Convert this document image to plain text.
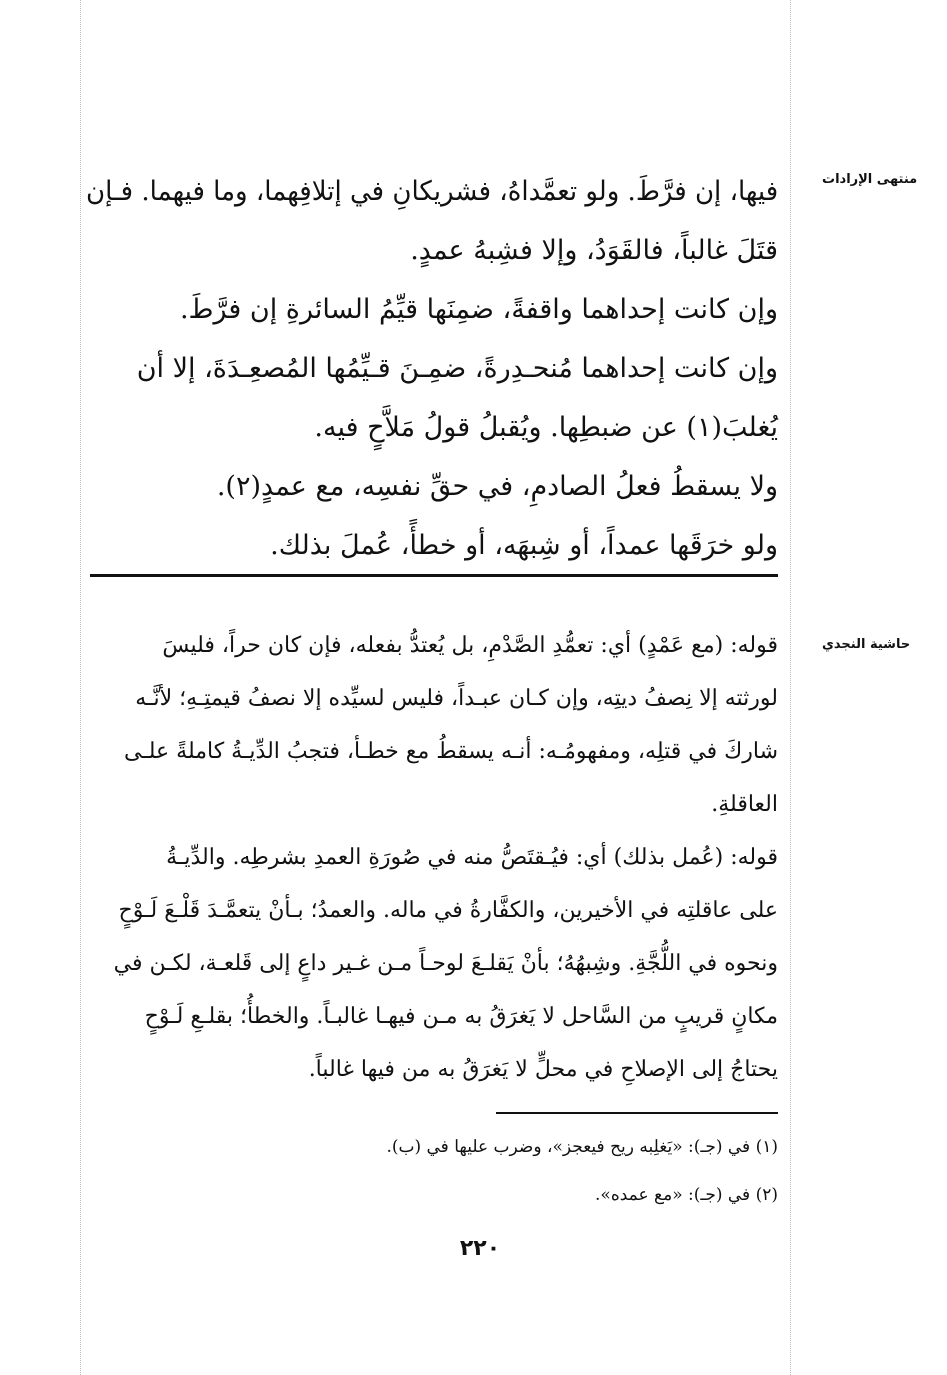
منتهى الإرادات
حاشية النجدي
فيها، إن فرَّطَ. ولو تعمَّداهُ، فشريكانِ في إتلافِهما، وما فيهما. فـإن
قتَلَ غالباً، فالقَوَدُ، وإلا فشِبهُ عمدٍ.
وإن كانت إحداهما واقفةً، ضمِنَها قيِّمُ السائرةِ إن فرَّطَ.
وإن كانت إحداهما مُنحـدِرةً، ضمِـنَ قـيِّمُها المُصعِـدَةَ، إلا أن
يُغلبَ(١) عن ضبطِها. ويُقبلُ قولُ مَلاَّحٍ فيه.
ولا يسقطُ فعلُ الصادمِ، في حقِّ نفسِه، مع عمدٍ(٢).
ولو خرَقَها عمداً، أو شِبهَه، أو خطأً، عُملَ بذلك.
قوله: (مع عَمْدٍ) أي: تعمُّدِ الصَّدْمِ، بل يُعتدُّ بفعله، فإن كان حراً، فليسَ
لورثته إلا نِصفُ ديتِه، وإن كـان عبـداً، فليس لسيِّده إلا نصفُ قيمتِـهِ؛ لأنَّـه
شاركَ في قتلِه، ومفهومُـه: أنـه يسقطُ مع خطـأ، فتجبُ الدِّيـةُ كاملةً علـى
العاقلةِ.
قوله: (عُمل بذلك) أي: فيُـقتَصُّ منه في صُورَةِ العمدِ بشرطِه. والدِّيـةُ
على عاقلتِه في الأخيرين، والكفَّارةُ في ماله. والعمدُ؛ بـأنْ يتعمَّـدَ قَلْـعَ لَـوْحٍ
ونحوه في اللُّجَّةِ. وشِبهُهُ؛ بأنْ يَقلـعَ لوحـاً مـن غـير داعٍ إلى قَلعـة، لكـن في
مكانٍ قريبٍ من السَّاحل لا يَغرَقُ به مـن فيهـا غالبـاً. والخطأُ؛ بقلـعِ لَـوْحٍ
يحتاجُ إلى الإصلاحِ في محلٍّ لا يَغرَقُ به من فيها غالباً.
(١) في (جـ): «يَغلِبه ريح فيعجز»، وضرب عليها في (ب).
(٢) في (جـ): «مع عمده».
٢٢٠
